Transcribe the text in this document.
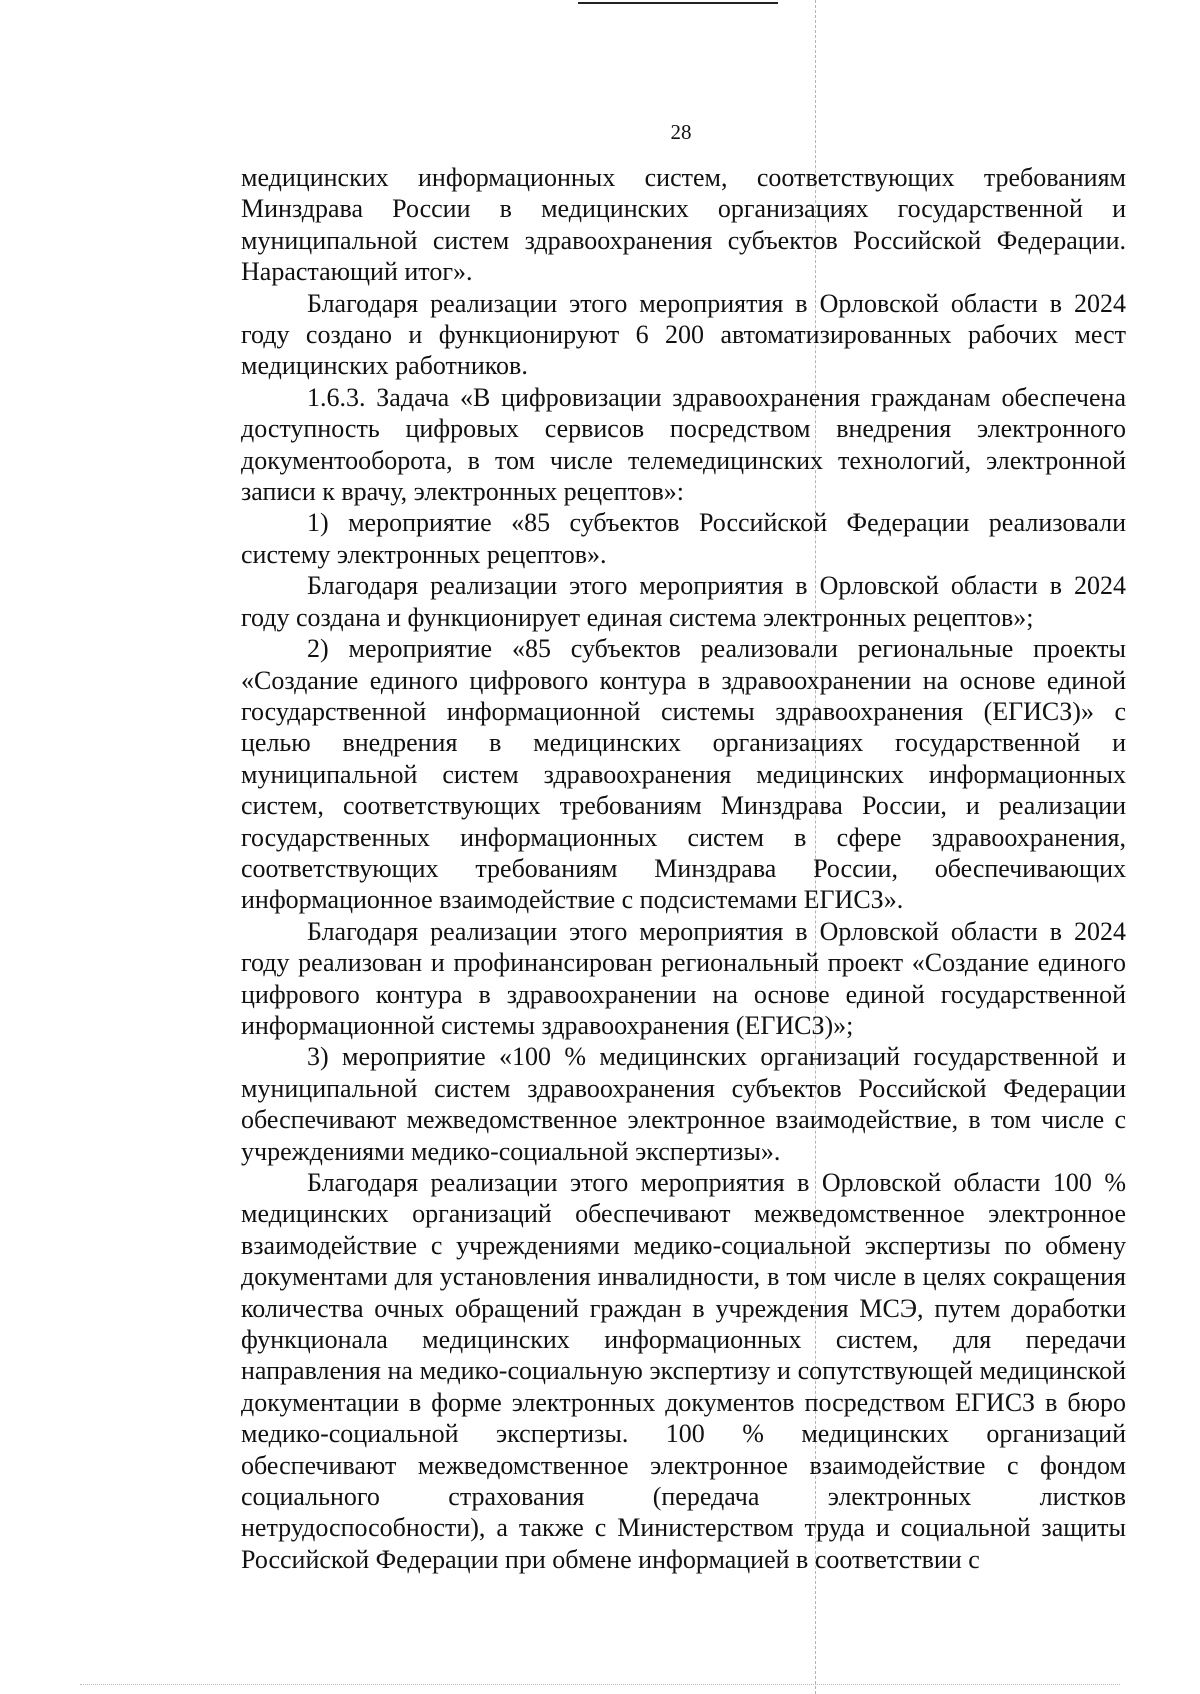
28

медицинских информационных систем, соответствующих требованиям Минздрава России в медицинских организациях государственной и муниципальной систем здравоохранения субъектов Российской Федерации. Нарастающий итог».

Благодаря реализации этого мероприятия в Орловской области в 2024 году создано и функционируют 6 200 автоматизированных рабочих мест медицинских работников.

1.6.3. Задача «В цифровизации здравоохранения гражданам обеспечена доступность цифровых сервисов посредством внедрения электронного документооборота, в том числе телемедицинских технологий, электронной записи к врачу, электронных рецептов»:

1) мероприятие «85 субъектов Российской Федерации реализовали систему электронных рецептов».

Благодаря реализации этого мероприятия в Орловской области в 2024 году создана и функционирует единая система электронных рецептов»;

2) мероприятие «85 субъектов реализовали региональные проекты «Создание единого цифрового контура в здравоохранении на основе единой государственной информационной системы здравоохранения (ЕГИСЗ)» с целью внедрения в медицинских организациях государственной и муниципальной систем здравоохранения медицинских информационных систем, соответствующих требованиям Минздрава России, и реализации государственных информационных систем в сфере здравоохранения, соответствующих требованиям Минздрава России, обеспечивающих информационное взаимодействие с подсистемами ЕГИСЗ».

Благодаря реализации этого мероприятия в Орловской области в 2024 году реализован и профинансирован региональный проект «Создание единого цифрового контура в здравоохранении на основе единой государственной информационной системы здравоохранения (ЕГИСЗ)»;

3) мероприятие «100 % медицинских организаций государственной и муниципальной систем здравоохранения субъектов Российской Федерации обеспечивают межведомственное электронное взаимодействие, в том числе с учреждениями медико-социальной экспертизы».

Благодаря реализации этого мероприятия в Орловской области 100 % медицинских организаций обеспечивают межведомственное электронное взаимодействие с учреждениями медико-социальной экспертизы по обмену документами для установления инвалидности, в том числе в целях сокращения количества очных обращений граждан в учреждения МСЭ, путем доработки функционала медицинских информационных систем, для передачи направления на медико-социальную экспертизу и сопутствующей медицинской документации в форме электронных документов посредством ЕГИСЗ в бюро медико-социальной экспертизы. 100 % медицинских организаций обеспечивают межведомственное электронное взаимодействие с фондом социального страхования (передача электронных листков нетрудоспособности), а также с Министерством труда и социальной защиты Российской Федерации при обмене информацией в соответствии с
